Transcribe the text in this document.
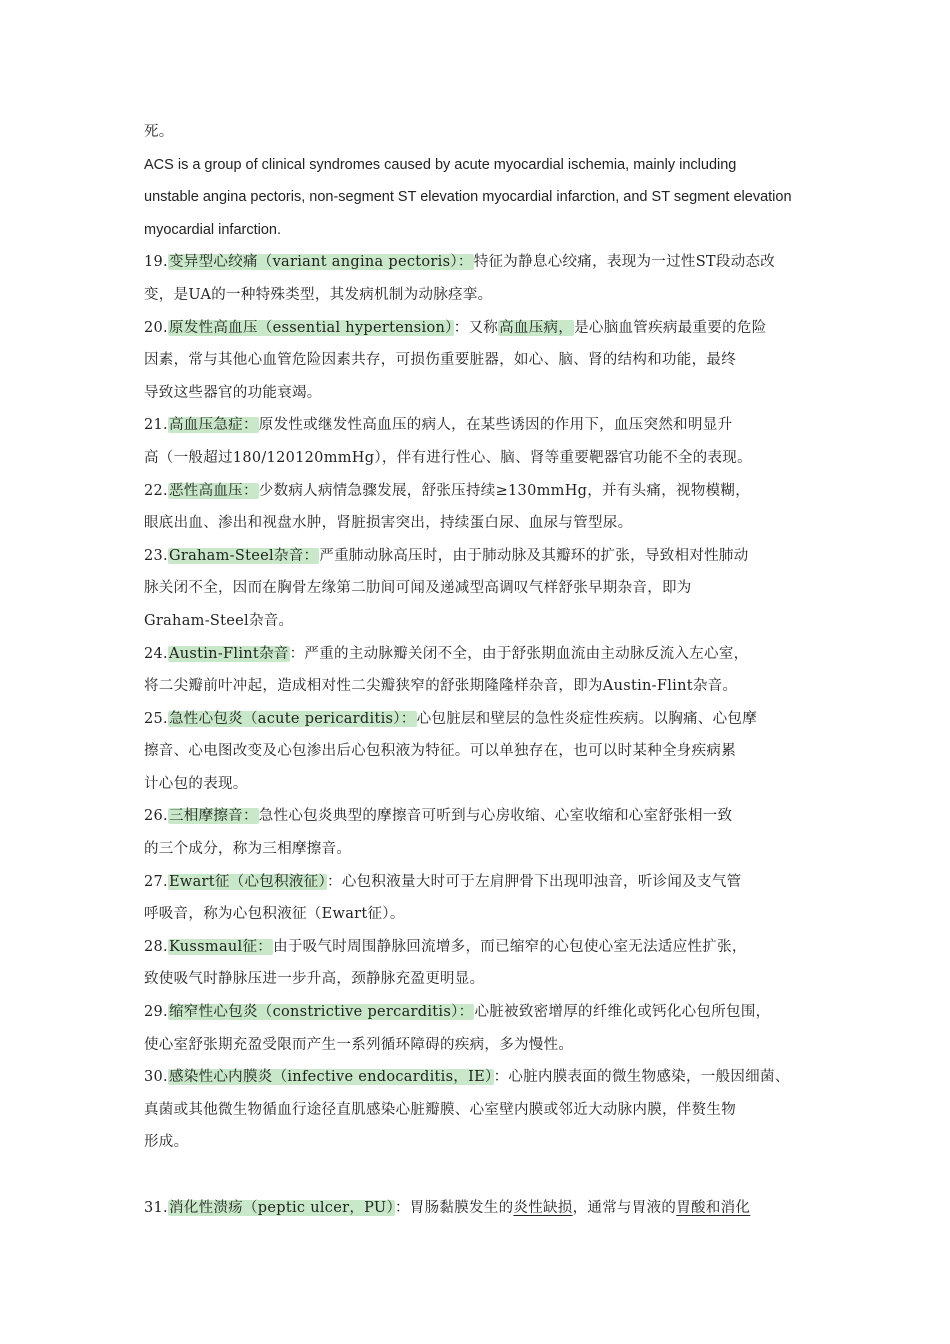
死。
ACS is a group of clinical syndromes caused by acute myocardial ischemia, mainly including
unstable angina pectoris, non-segment ST elevation myocardial infarction, and ST segment elevation
myocardial infarction.
19.变异型心绞痛（variant angina pectoris）：特征为静息心绞痛，表现为一过性ST段动态改
变，是UA的一种特殊类型，其发病机制为动脉痉挛。
20.原发性高血压（essential hypertension）：又称高血压病，是心脑血管疾病最重要的危险
因素，常与其他心血管危险因素共存，可损伤重要脏器，如心、脑、肾的结构和功能，最终
导致这些器官的功能衰竭。
21.高血压急症：原发性或继发性高血压的病人，在某些诱因的作用下，血压突然和明显升
高（一般超过180/120120mmHg），伴有进行性心、脑、肾等重要靶器官功能不全的表现。
22.恶性高血压：少数病人病情急骤发展，舒张压持续≥130mmHg，并有头痛，视物模糊，
眼底出血、渗出和视盘水肿，肾脏损害突出，持续蛋白尿、血尿与管型尿。
23.Graham-Steel杂音：严重肺动脉高压时，由于肺动脉及其瓣环的扩张，导致相对性肺动
脉关闭不全，因而在胸骨左缘第二肋间可闻及递减型高调叹气样舒张早期杂音，即为
Graham-Steel杂音。
24.Austin-Flint杂音：严重的主动脉瓣关闭不全，由于舒张期血流由主动脉反流入左心室，
将二尖瓣前叶冲起，造成相对性二尖瓣狭窄的舒张期隆隆样杂音，即为Austin-Flint杂音。
25.急性心包炎（acute pericarditis）：心包脏层和壁层的急性炎症性疾病。以胸痛、心包摩
擦音、心电图改变及心包渗出后心包积液为特征。可以单独存在，也可以时某种全身疾病累
计心包的表现。
26.三相摩擦音：急性心包炎典型的摩擦音可听到与心房收缩、心室收缩和心室舒张相一致
的三个成分，称为三相摩擦音。
27.Ewart征（心包积液征）：心包积液量大时可于左肩胛骨下出现叩浊音，听诊闻及支气管
呼吸音，称为心包积液征（Ewart征）。
28.Kussmaul征：由于吸气时周围静脉回流增多，而已缩窄的心包使心室无法适应性扩张，
致使吸气时静脉压进一步升高，颈静脉充盈更明显。
29.缩窄性心包炎（constrictive percarditis）：心脏被致密增厚的纤维化或钙化心包所包围，
使心室舒张期充盈受限而产生一系列循环障碍的疾病，多为慢性。
30.感染性心内膜炎（infective endocarditis，IE）：心脏内膜表面的微生物感染，一般因细菌、
真菌或其他微生物循血行途径直肌感染心脏瓣膜、心室壁内膜或邻近大动脉内膜，伴赘生物
形成。
31.消化性溃疡（peptic ulcer，PU）：胃肠黏膜发生的炎性缺损，通常与胃液的胃酸和消化
